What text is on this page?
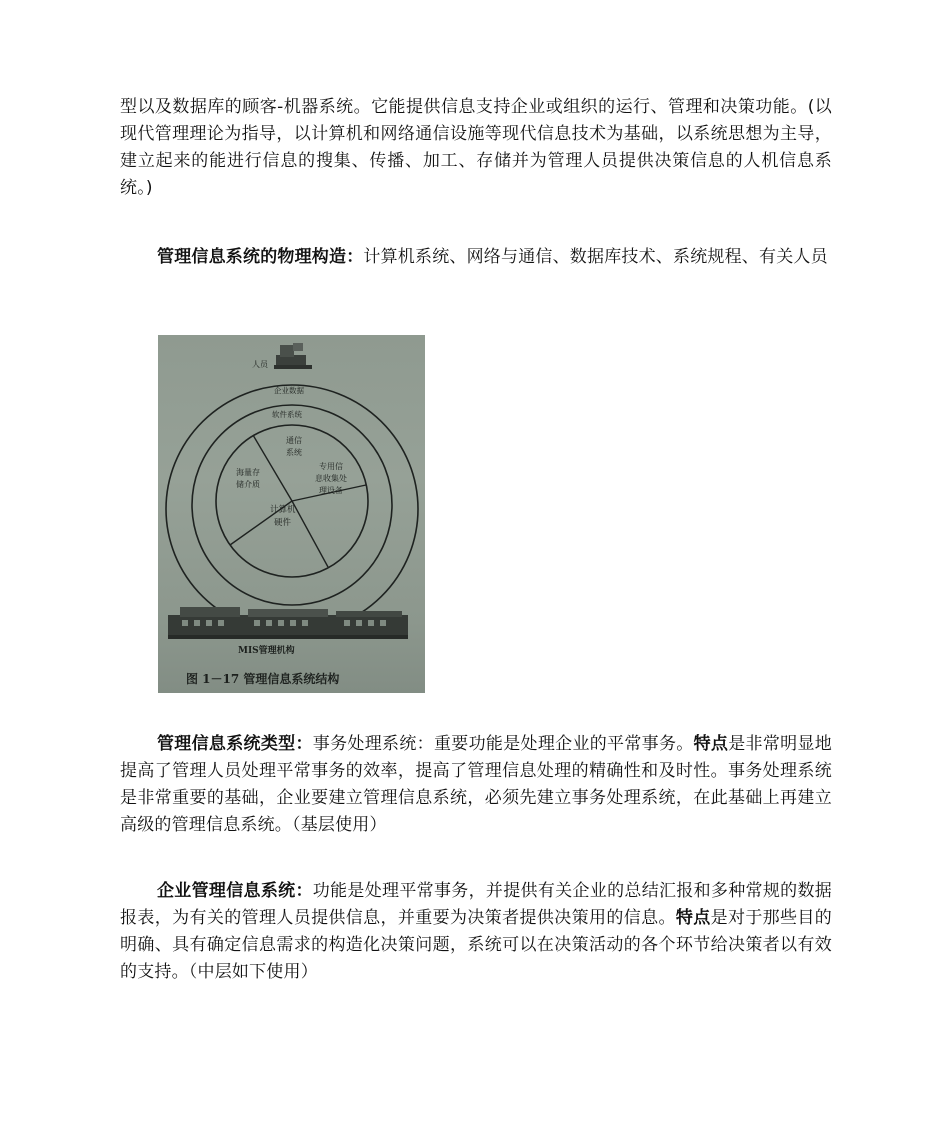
型以及数据库的顾客-机器系统。它能提供信息支持企业或组织的运行、管理和决策功能。(以现代管理理论为指导，以计算机和网络通信设施等现代信息技术为基础，以系统思想为主导，建立起来的能进行信息的搜集、传播、加工、存储并为管理人员提供决策信息的人机信息系统。)

管理信息系统的物理构造：计算机系统、网络与通信、数据库技术、系统规程、有关人员

人员
企业数据
软件系统
通信
系统
海量存
储介质
专用信
息收集处
理设备
计算机
硬件
MIS管理机构
图 1－17 管理信息系统结构

管理信息系统类型：事务处理系统：重要功能是处理企业的平常事务。特点是非常明显地提高了管理人员处理平常事务的效率，提高了管理信息处理的精确性和及时性。事务处理系统是非常重要的基础，企业要建立管理信息系统，必须先建立事务处理系统，在此基础上再建立高级的管理信息系统。（基层使用）

企业管理信息系统：功能是处理平常事务，并提供有关企业的总结汇报和多种常规的数据报表，为有关的管理人员提供信息，并重要为决策者提供决策用的信息。特点是对于那些目的明确、具有确定信息需求的构造化决策问题，系统可以在决策活动的各个环节给决策者以有效的支持。（中层如下使用）
